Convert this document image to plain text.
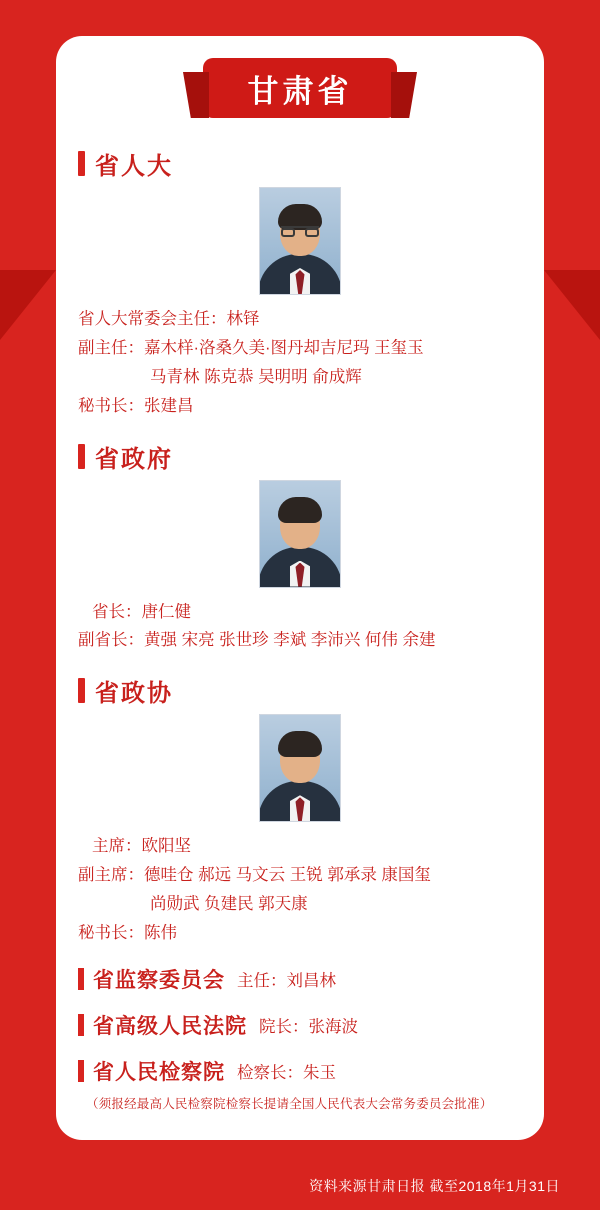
甘肃省
省人大
省人大常委会主任：林铎
副主任：嘉木样·洛桑久美·图丹却吉尼玛 王玺玉
马青林 陈克恭 吴明明 俞成辉
秘书长：张建昌
省政府
省长：唐仁健
副省长：黄强 宋亮 张世珍 李斌 李沛兴 何伟 余建
省政协
主席：欧阳坚
副主席：德哇仓 郝远 马文云 王锐 郭承录 康国玺
尚勋武 负建民 郭天康
秘书长：陈伟
省监察委员会 主任：刘昌林
省高级人民法院 院长：张海波
省人民检察院 检察长：朱玉
（须报经最高人民检察院检察长提请全国人民代表大会常务委员会批准）
资料来源甘肃日报 截至2018年1月31日
